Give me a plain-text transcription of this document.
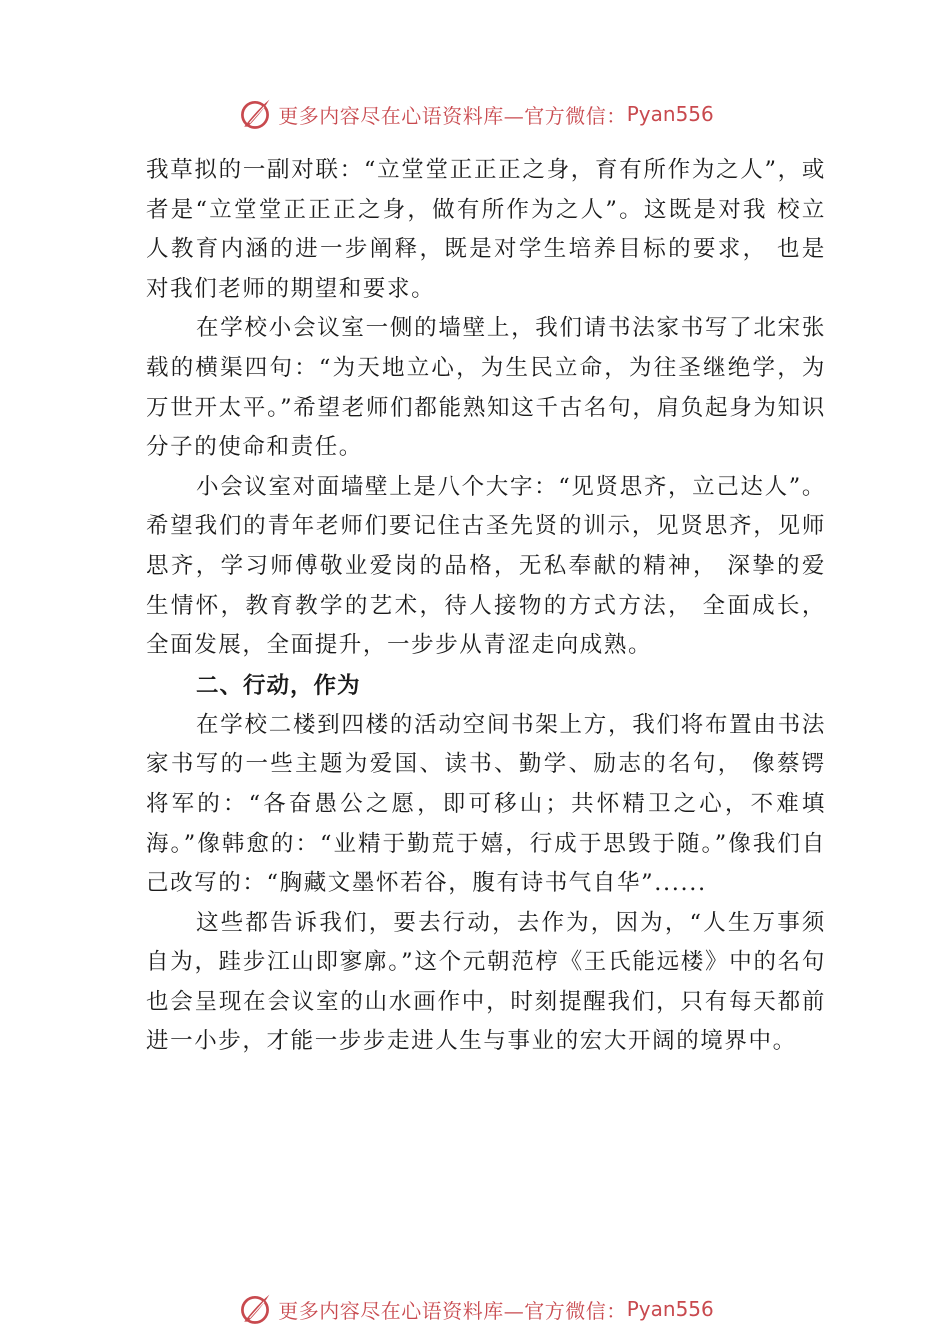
更多内容尽在心语资料库—官方微信： Pyan556

我草拟的一副对联：“立堂堂正正正之身，育有所作为之人”，或者是“立堂堂正正正之身，做有所作为之人”。这既是对我 校立人教育内涵的进一步阐释，既是对学生培养目标的要求， 也是对我们老师的期望和要求。

在学校小会议室一侧的墙壁上，我们请书法家书写了北宋张载的横渠四句：“为天地立心，为生民立命，为往圣继绝学，为万世开太平。”希望老师们都能熟知这千古名句，肩负起身为知识分子的使命和责任。

小会议室对面墙壁上是八个大字：“见贤思齐，立己达人”。希望我们的青年老师们要记住古圣先贤的训示，见贤思齐，见师思齐，学习师傅敬业爱岗的品格，无私奉献的精神， 深挚的爱生情怀，教育教学的艺术，待人接物的方式方法， 全面成长，全面发展，全面提升，一步步从青涩走向成熟。

二、行动，作为

在学校二楼到四楼的活动空间书架上方，我们将布置由书法家书写的一些主题为爱国、读书、勤学、励志的名句， 像蔡锷将军的：“各奋愚公之愿，即可移山；共怀精卫之心，不难填海。”像韩愈的：“业精于勤荒于嬉，行成于思毁于随。”像我们自己改写的：“胸藏文墨怀若谷，腹有诗书气自华”......

这些都告诉我们，要去行动，去作为，因为，“人生万事须自为，跬步江山即寥廓。”这个元朝范梈《王氏能远楼》中的名句也会呈现在会议室的山水画作中，时刻提醒我们，只有每天都前进一小步，才能一步步走进人生与事业的宏大开阔的境界中。

更多内容尽在心语资料库—官方微信： Pyan556
